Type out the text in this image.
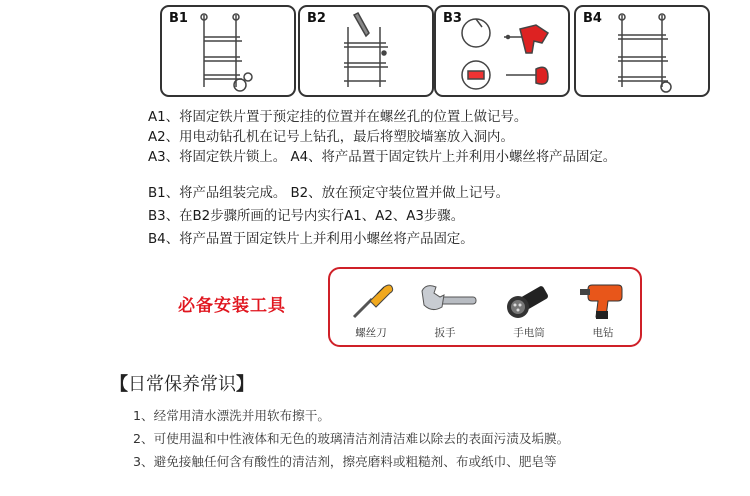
B1	B2	B3	B4
A1、将固定铁片置于预定挂的位置并在螺丝孔的位置上做记号。
A2、用电动钻孔机在记号上钻孔，最后将塑胶墙塞放入洞内。
A3、将固定铁片锁上。 A4、将产品置于固定铁片上并利用小螺丝将产品固定。
B1、将产品组装完成。 B2、放在预定守装位置并做上记号。
B3、在B2步骤所画的记号内实行A1、A2、A3步骤。
B4、将产品置于固定铁片上并利用小螺丝将产品固定。
必备安装工具
螺丝刀	扳手	手电筒	电钻
【日常保养常识】
1、经常用清水漂洗并用软布擦干。
2、可使用温和中性液体和无色的玻璃清洁剂清洁难以除去的表面污渍及垢膜。
3、避免接触任何含有酸性的清洁剂，擦亮磨料或粗糙剂、布或纸巾、肥皂等
